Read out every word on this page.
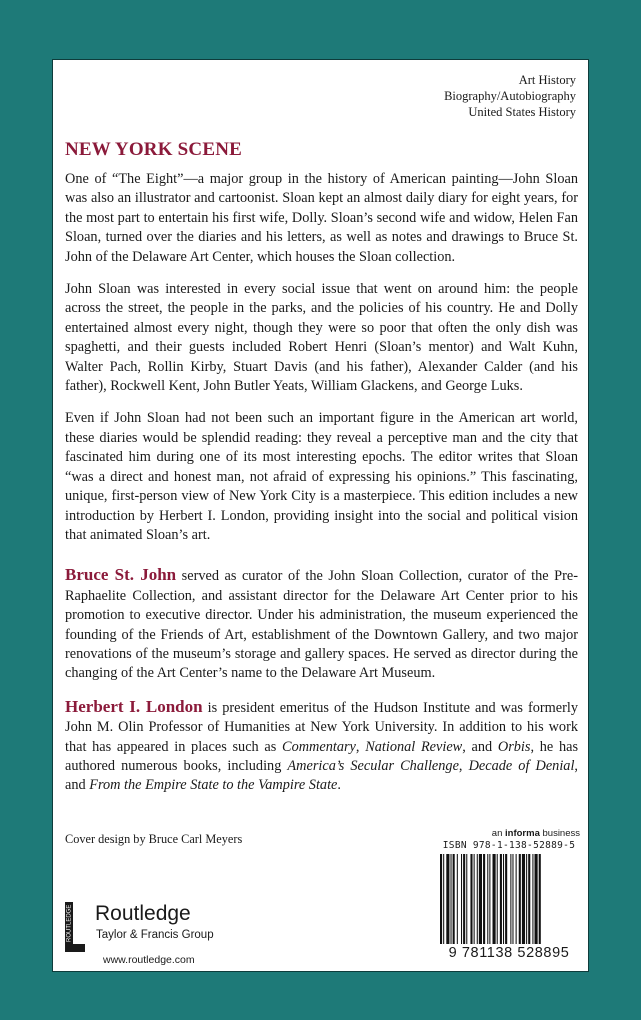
Art History
Biography/Autobiography
United States History
NEW YORK SCENE

One of “The Eight”—a major group in the history of American painting—John Sloan was also an illustrator and cartoonist. Sloan kept an almost daily diary for eight years, for the most part to entertain his first wife, Dolly. Sloan’s second wife and widow, Helen Fan Sloan, turned over the diaries and his letters, as well as notes and drawings to Bruce St. John of the Delaware Art Center, which houses the Sloan collection.

John Sloan was interested in every social issue that went on around him: the people across the street, the people in the parks, and the policies of his country. He and Dolly entertained almost every night, though they were so poor that often the only dish was spaghetti, and their guests included Robert Henri (Sloan’s mentor) and Walt Kuhn, Walter Pach, Rollin Kirby, Stuart Davis (and his father), Alexander Calder (and his father), Rockwell Kent, John Butler Yeats, William Glackens, and George Luks.

Even if John Sloan had not been such an important figure in the American art world, these diaries would be splendid reading: they reveal a perceptive man and the city that fascinated him during one of its most interesting epochs. The editor writes that Sloan “was a direct and honest man, not afraid of expressing his opinions.” This fascinating, unique, first-person view of New York City is a masterpiece. This edition includes a new introduction by Herbert I. London, providing insight into the social and political vision that animated Sloan’s art.

Bruce St. John served as curator of the John Sloan Collection, curator of the Pre-Raphaelite Collection, and assistant director for the Delaware Art Center prior to his promotion to executive director. Under his administration, the museum experienced the founding of the Friends of Art, establishment of the Downtown Gallery, and two major renovations of the museum’s storage and gallery spaces. He served as director during the changing of the Art Center’s name to the Delaware Art Museum.

Herbert I. London is president emeritus of the Hudson Institute and was formerly John M. Olin Professor of Humanities at New York University. In addition to his work that has appeared in places such as Commentary, National Review, and Orbis, he has authored numerous books, including America’s Secular Challenge, Decade of Denial, and From the Empire State to the Vampire State.

Cover design by Bruce Carl Meyers
ROUTLEDGE Routledge
Taylor & Francis Group
www.routledge.com
an informa business
ISBN 978-1-138-52889-5
9 781138 528895
